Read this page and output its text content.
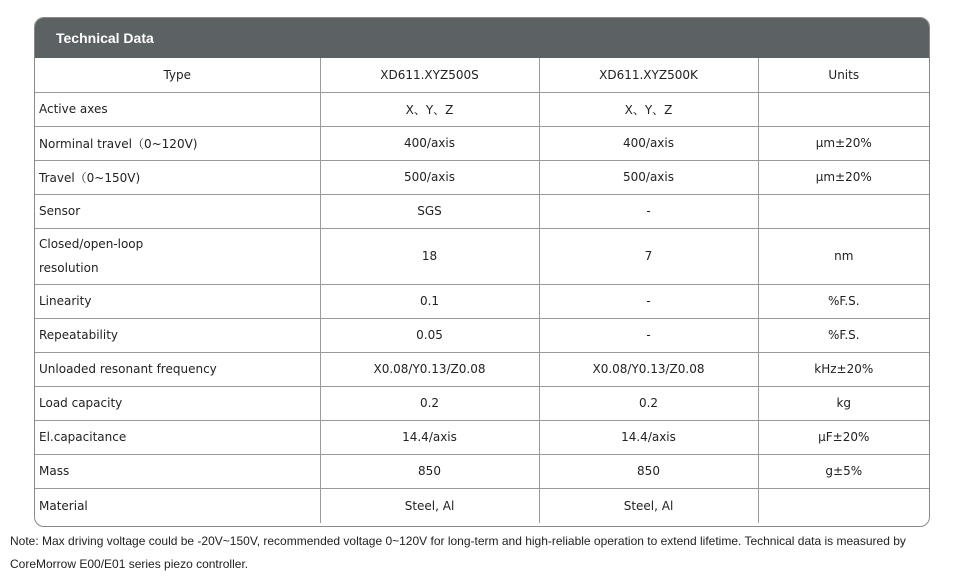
Technical Data
Type	XD611.XYZ500S	XD611.XYZ500K	Units
Active axes	X、Y、Z	X、Y、Z	
Norminal travel（0~120V)	400/axis	400/axis	μm±20%
Travel（0~150V)	500/axis	500/axis	μm±20%
Sensor	SGS	-	
Closed/open-loop resolution	18	7	nm
Linearity	0.1	-	%F.S.
Repeatability	0.05	-	%F.S.
Unloaded resonant frequency	X0.08/Y0.13/Z0.08	X0.08/Y0.13/Z0.08	kHz±20%
Load capacity	0.2	0.2	kg
El.capacitance	14.4/axis	14.4/axis	μF±20%
Mass	850	850	g±5%
Material	Steel, Al	Steel, Al	
Note: Max driving voltage could be -20V~150V, recommended voltage 0~120V for long-term and high-reliable operation to extend lifetime. Technical data is measured by CoreMorrow E00/E01 series piezo controller.
